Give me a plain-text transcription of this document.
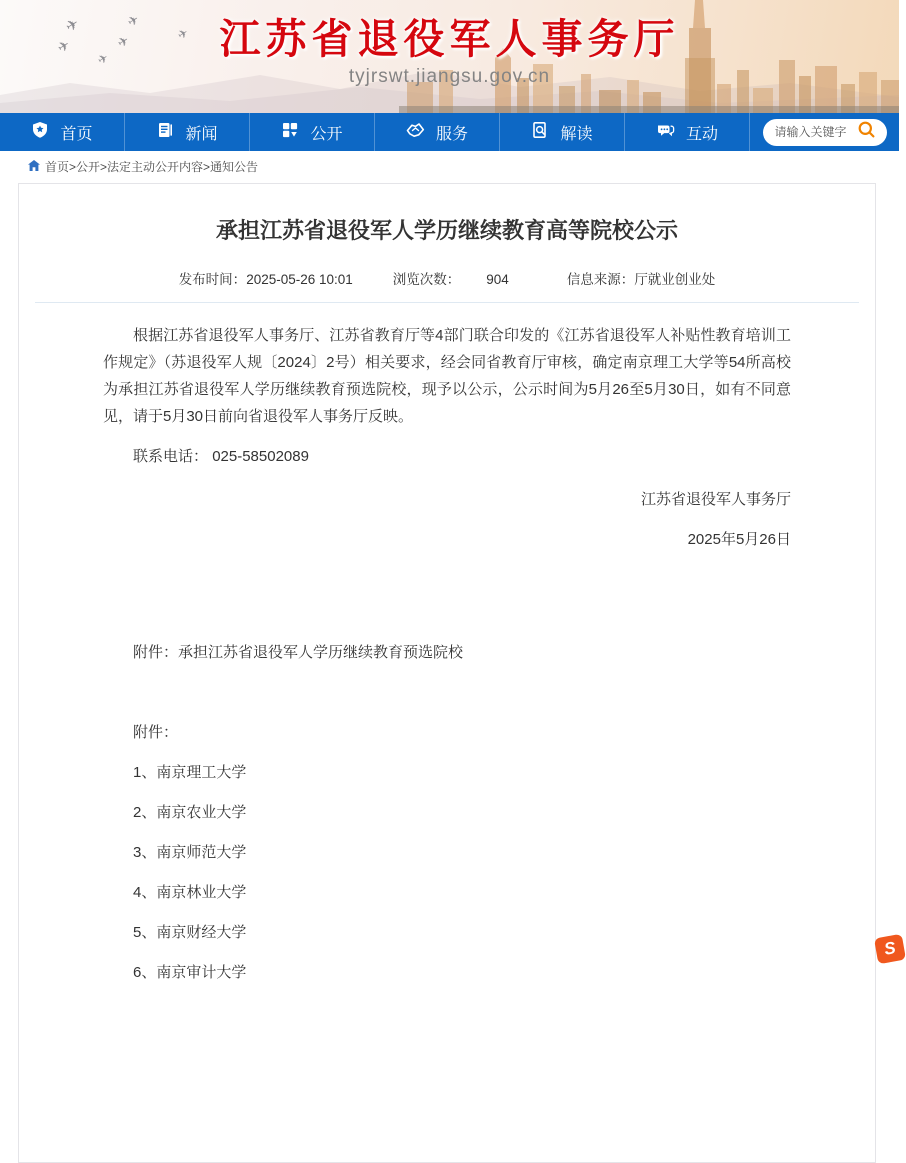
✈	✈
✈	✈	✈
✈	江苏省退役军人事务厅
tyjrswt.jiangsu.gov.cn
首页	新闻	公开	服务	解读	互动
请输入关键字
首页>公开>法定主动公开内容>通知公告
承担江苏省退役军人学历继续教育高等院校公示
发布时间：2025-05-26 10:01	浏览次数： 904	信息来源：厅就业创业处

根据江苏省退役军人事务厅、江苏省教育厅等4部门联合印发的《江苏省退役军人补贴性教育培训工作规定》（苏退役军人规〔2024〕2号）相关要求，经会同省教育厅审核，确定南京理工大学等54所高校为承担江苏省退役军人学历继续教育预选院校，现予以公示，公示时间为5月26至5月30日，如有不同意见，请于5月30日前向省退役军人事务厅反映。

联系电话： 025-58502089

江苏省退役军人事务厅

2025年5月26日

附件：承担江苏省退役军人学历继续教育预选院校

附件：

1、南京理工大学
2、南京农业大学
3、南京师范大学
4、南京林业大学
5、南京财经大学
6、南京审计大学
S
